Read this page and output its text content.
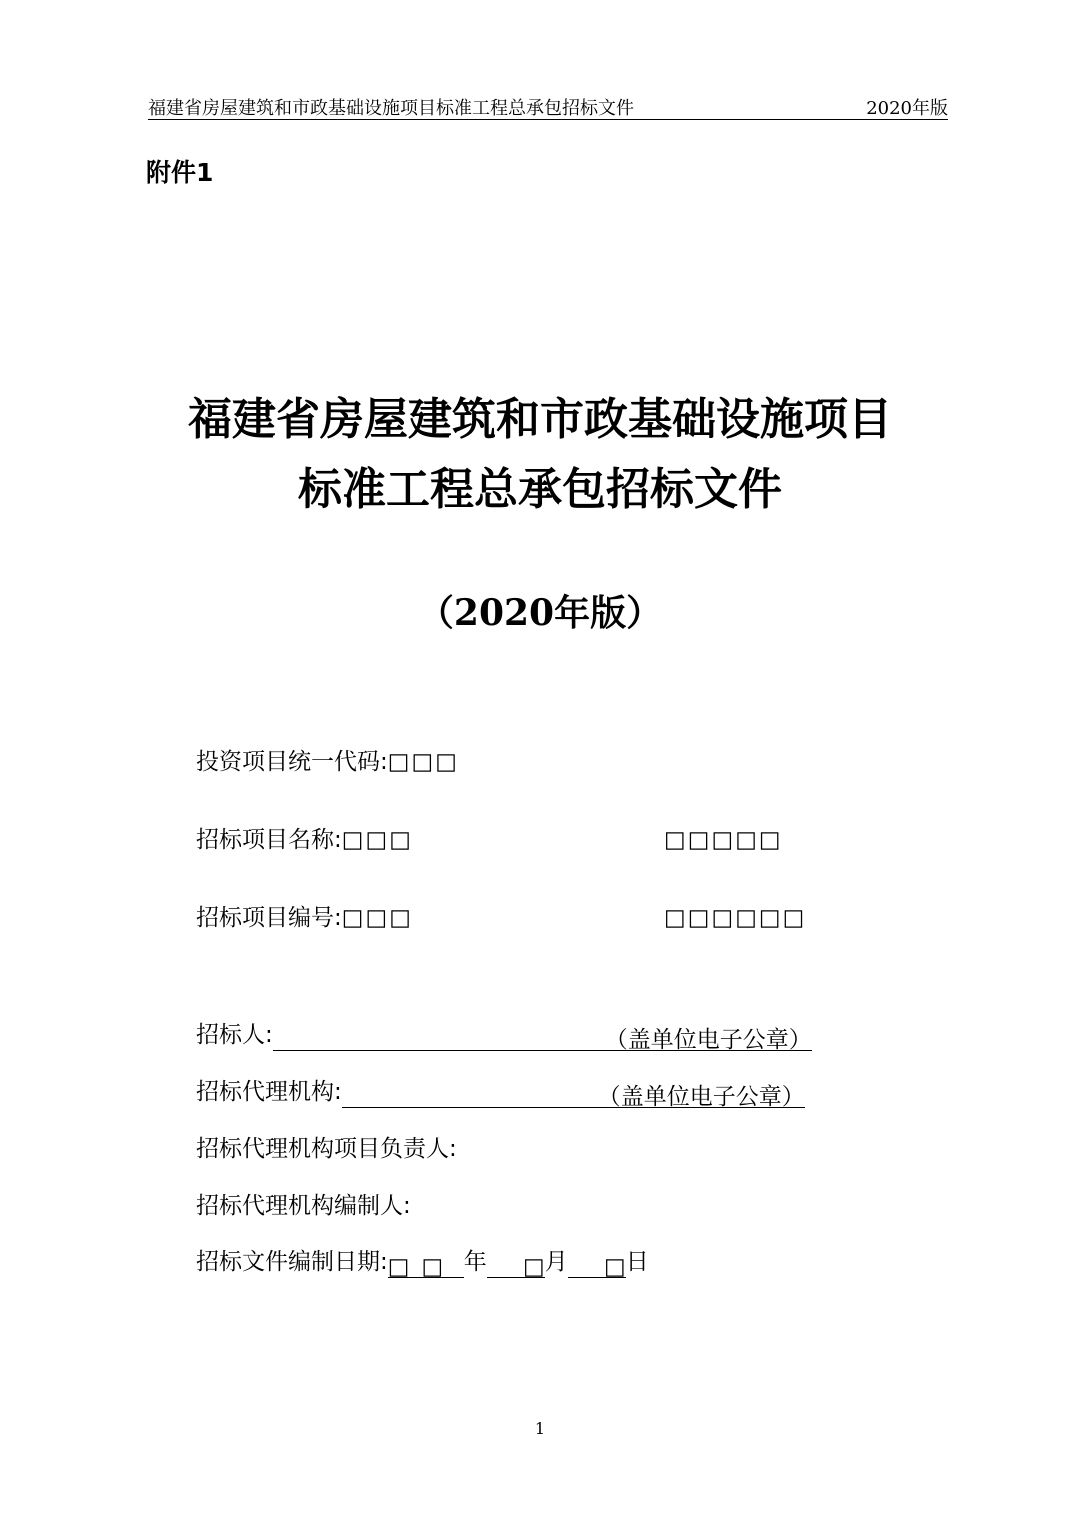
福建省房屋建筑和市政基础设施项目标准工程总承包招标文件	2020年版
附件1
福建省房屋建筑和市政基础设施项目
标准工程总承包招标文件
（2020年版）
投资项目统一代码:□□□
招标项目名称:□□□	□□□□□
招标项目编号:□□□	□□□□□□
招标人:	（盖单位电子公章）
招标代理机构:	（盖单位电子公章）
招标代理机构项目负责人:
招标代理机构编制人:
招标文件编制日期:□ □ 年 □月 □日
1
